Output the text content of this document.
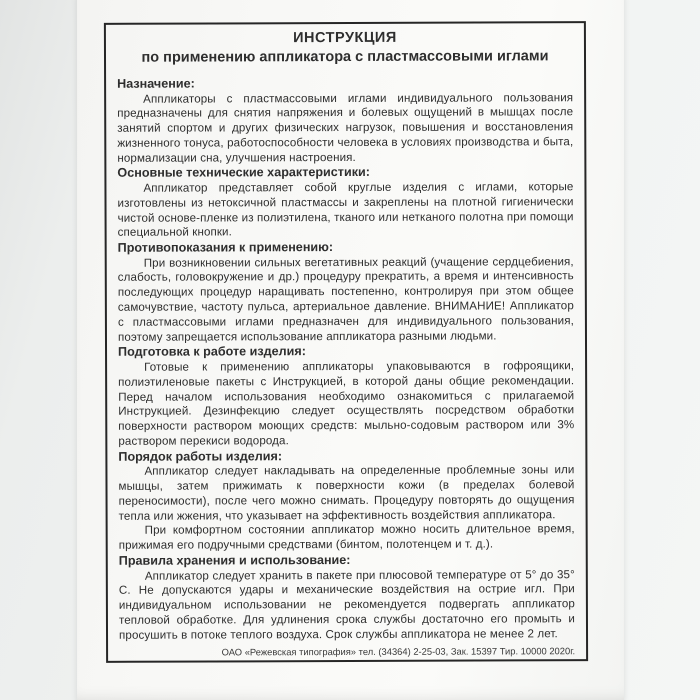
ИНСТРУКЦИЯ
по применению аппликатора с пластмассовыми иглами
Назначение:

Аппликаторы с пластмассовыми иглами индивидуального пользования предназначены для снятия напряжения и болевых ощущений в мышцах после занятий спортом и других физических нагрузок, повышения и восстановления жизненного тонуса, работоспособности человека в условиях производства и быта, нормализации сна, улучшения настроения.

Основные технические характеристики:

Аппликатор представляет собой круглые изделия с иглами, которые изготовлены из нетоксичной пластмассы и закреплены на плотной гигиенически чистой основе-пленке из полиэтилена, тканого или нетканого полотна при помощи специальной кнопки.

Противопоказания к применению:

При возникновении сильных вегетативных реакций (учащение сердцебиения, слабость, головокружение и др.) процедуру прекратить, а время и интенсивность последующих процедур наращивать постепенно, контролируя при этом общее самочувствие, частоту пульса, артериальное давление. ВНИМАНИЕ! Аппликатор с пластмассовыми иглами предназначен для индивидуального пользования, поэтому запрещается использование аппликатора разными людьми.

Подготовка к работе изделия:

Готовые к применению аппликаторы упаковываются в гофроящики, полиэтиленовые пакеты с Инструкцией, в которой даны общие рекомендации. Перед началом использования необходимо ознакомиться с прилагаемой Инструкцией. Дезинфекцию следует осуществлять посредством обработки поверхности раствором моющих средств: мыльно-содовым раствором или 3% раствором перекиси водорода.

Порядок работы изделия:

Аппликатор следует накладывать на определенные проблемные зоны или мышцы, затем прижимать к поверхности кожи (в пределах болевой переносимости), после чего можно снимать. Процедуру повторять до ощущения тепла или жжения, что указывает на эффективность воздействия аппликатора.

При комфортном состоянии аппликатор можно носить длительное время, прижимая его подручными средствами (бинтом, полотенцем и т. д.).

Правила хранения и использование:

Аппликатор следует хранить в пакете при плюсовой температуре от 5° до 35° С. Не допускаются удары и механические воздействия на острие игл. При индивидуальном использовании не рекомендуется подвергать аппликатор тепловой обработке. Для удлинения срока службы достаточно его промыть и просушить в потоке теплого воздуха. Срок службы аппликатора не менее 2 лет.

ОАО «Режевская типография» тел. (34364) 2-25-03, Зак. 15397 Тир. 10000 2020г.
